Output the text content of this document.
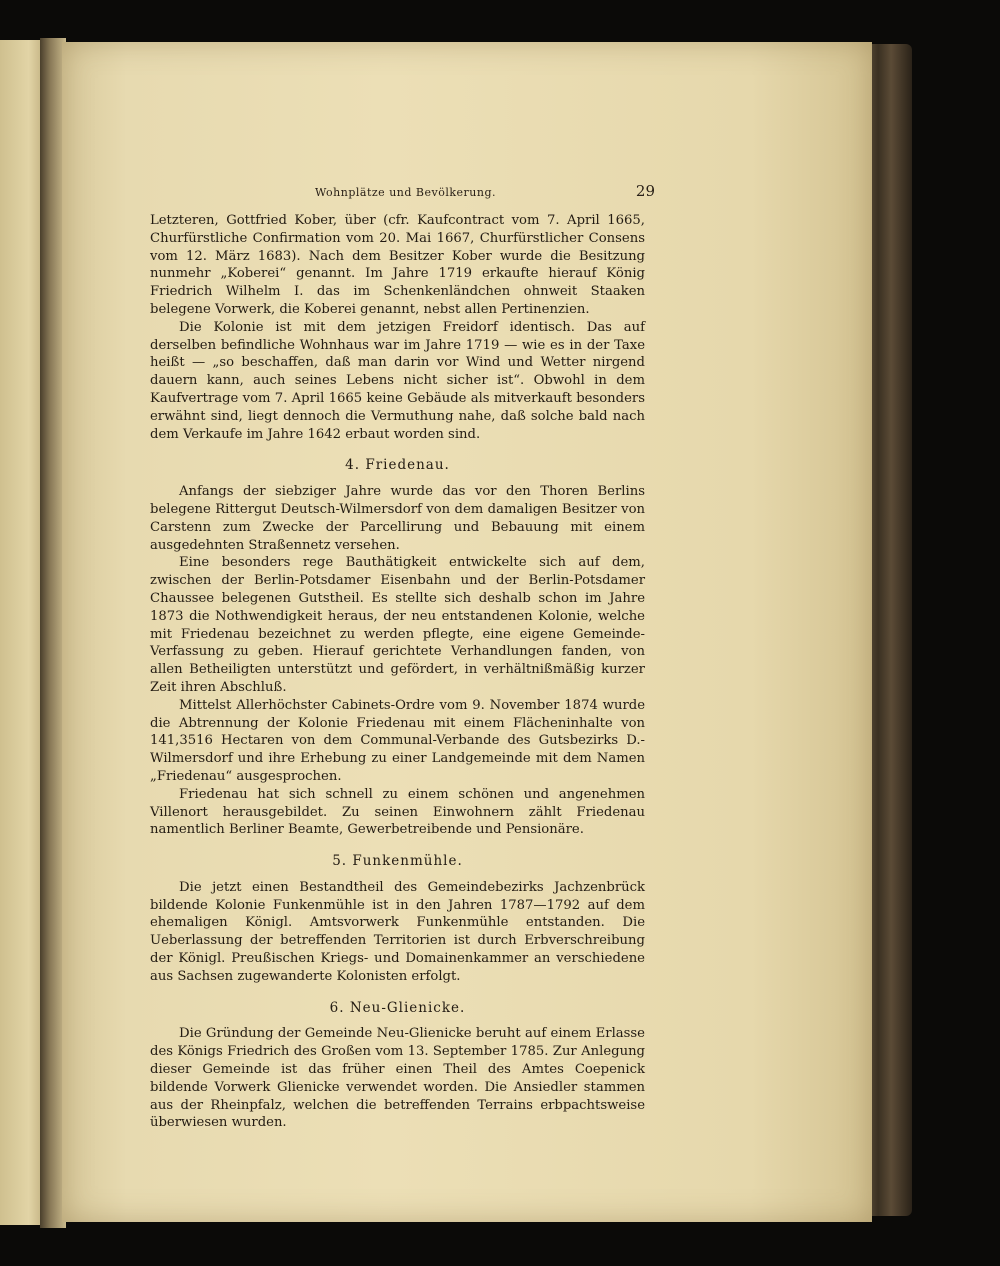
Wohnplätze und Bevölkerung.	29

Letzteren, Gottfried Kober, über (cfr. Kaufcontract vom 7. April 1665, Churfürstliche Confirmation vom 20. Mai 1667, Churfürstlicher Consens vom 12. März 1683). Nach dem Besitzer Kober wurde die Besitzung nunmehr „Koberei“ genannt. Im Jahre 1719 erkaufte hierauf König Friedrich Wilhelm I. das im Schenkenländchen ohnweit Staaken belegene Vorwerk, die Koberei genannt, nebst allen Pertinenzien.

Die Kolonie ist mit dem jetzigen Freidorf identisch. Das auf derselben befindliche Wohnhaus war im Jahre 1719 — wie es in der Taxe heißt — „so beschaffen, daß man darin vor Wind und Wetter nirgend dauern kann, auch seines Lebens nicht sicher ist“. Obwohl in dem Kaufvertrage vom 7. April 1665 keine Gebäude als mitverkauft besonders erwähnt sind, liegt dennoch die Vermuthung nahe, daß solche bald nach dem Verkaufe im Jahre 1642 erbaut worden sind.

4. Friedenau.

Anfangs der siebziger Jahre wurde das vor den Thoren Berlins belegene Rittergut Deutsch-Wilmersdorf von dem damaligen Besitzer von Carstenn zum Zwecke der Parcellirung und Bebauung mit einem ausgedehnten Straßennetz versehen.

Eine besonders rege Bauthätigkeit entwickelte sich auf dem, zwischen der Berlin-Potsdamer Eisenbahn und der Berlin-Potsdamer Chaussee belegenen Gutstheil. Es stellte sich deshalb schon im Jahre 1873 die Nothwendigkeit heraus, der neu entstandenen Kolonie, welche mit Friedenau bezeichnet zu werden pflegte, eine eigene Gemeinde-Verfassung zu geben. Hierauf gerichtete Verhandlungen fanden, von allen Betheiligten unterstützt und gefördert, in verhältnißmäßig kurzer Zeit ihren Abschluß.

Mittelst Allerhöchster Cabinets-Ordre vom 9. November 1874 wurde die Abtrennung der Kolonie Friedenau mit einem Flächeninhalte von 141,3516 Hectaren von dem Communal-Verbande des Gutsbezirks D.-Wilmersdorf und ihre Erhebung zu einer Landgemeinde mit dem Namen „Friedenau“ ausgesprochen.

Friedenau hat sich schnell zu einem schönen und angenehmen Villenort herausgebildet. Zu seinen Einwohnern zählt Friedenau namentlich Berliner Beamte, Gewerbetreibende und Pensionäre.

5. Funkenmühle.

Die jetzt einen Bestandtheil des Gemeindebezirks Jachzenbrück bildende Kolonie Funkenmühle ist in den Jahren 1787—1792 auf dem ehemaligen Königl. Amtsvorwerk Funkenmühle entstanden. Die Ueberlassung der betreffenden Territorien ist durch Erbverschreibung der Königl. Preußischen Kriegs- und Domainenkammer an verschiedene aus Sachsen zugewanderte Kolonisten erfolgt.

6. Neu-Glienicke.

Die Gründung der Gemeinde Neu-Glienicke beruht auf einem Erlasse des Königs Friedrich des Großen vom 13. September 1785. Zur Anlegung dieser Gemeinde ist das früher einen Theil des Amtes Coepenick bildende Vorwerk Glienicke verwendet worden. Die Ansiedler stammen aus der Rheinpfalz, welchen die betreffenden Terrains erbpachtsweise überwiesen wurden.
